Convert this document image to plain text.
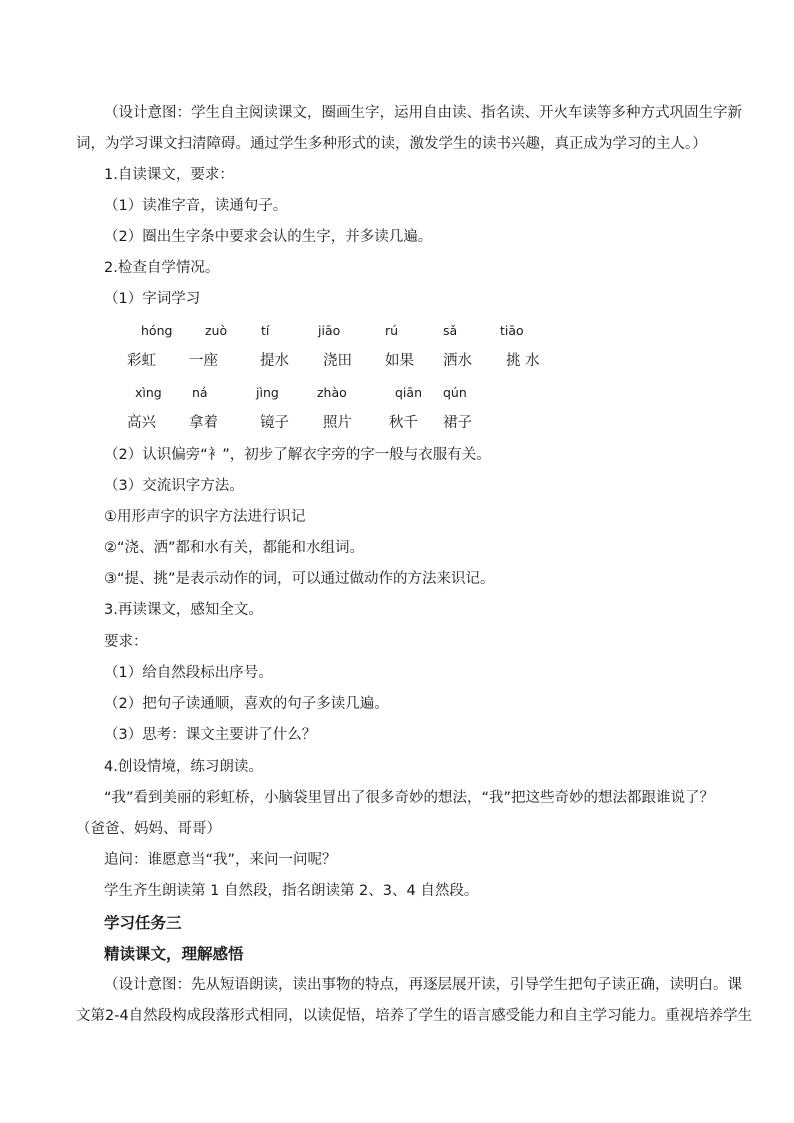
（设计意图：学生自主阅读课文，圈画生字，运用自由读、指名读、开火车读等多种方式巩固生字新
词，为学习课文扫清障碍。通过学生多种形式的读，激发学生的读书兴趣，真正成为学习的主人。）
1.自读课文，要求：
（1）读准字音，读通句子。
（2）圈出生字条中要求会认的生字，并多读几遍。
2.检查自学情况。
（1）字词学习
hóng	zuò	tí	jiāo	rú	sǎ	tiāo
彩虹 一座	提水 浇田 如果 洒水 挑 水
xìng ná	jìng	zhào	qiān qún
高兴 拿着	镜子 照片	秋千 裙子
（2）认识偏旁“衤”，初步了解衣字旁的字一般与衣服有关。
（3）交流识字方法。
①用形声字的识字方法进行识记
②“浇、洒”都和水有关，都能和水组词。
③“提、挑”是表示动作的词，可以通过做动作的方法来识记。
3.再读课文，感知全文。
要求：
（1）给自然段标出序号。
（2）把句子读通顺，喜欢的句子多读几遍。
（3）思考：课文主要讲了什么？
4.创设情境，练习朗读。
“我”看到美丽的彩虹桥，小脑袋里冒出了很多奇妙的想法，“我”把这些奇妙的想法都跟谁说了？
（爸爸、妈妈、哥哥）
追问：谁愿意当“我”，来问一问呢？
学生齐生朗读第 1 自然段，指名朗读第 2、3、4 自然段。
学习任务三
精读课文，理解感悟
（设计意图：先从短语朗读，读出事物的特点，再逐层展开读，引导学生把句子读正确，读明白。课
文第2-4自然段构成段落形式相同，以读促悟，培养了学生的语言感受能力和自主学习能力。重视培养学生
